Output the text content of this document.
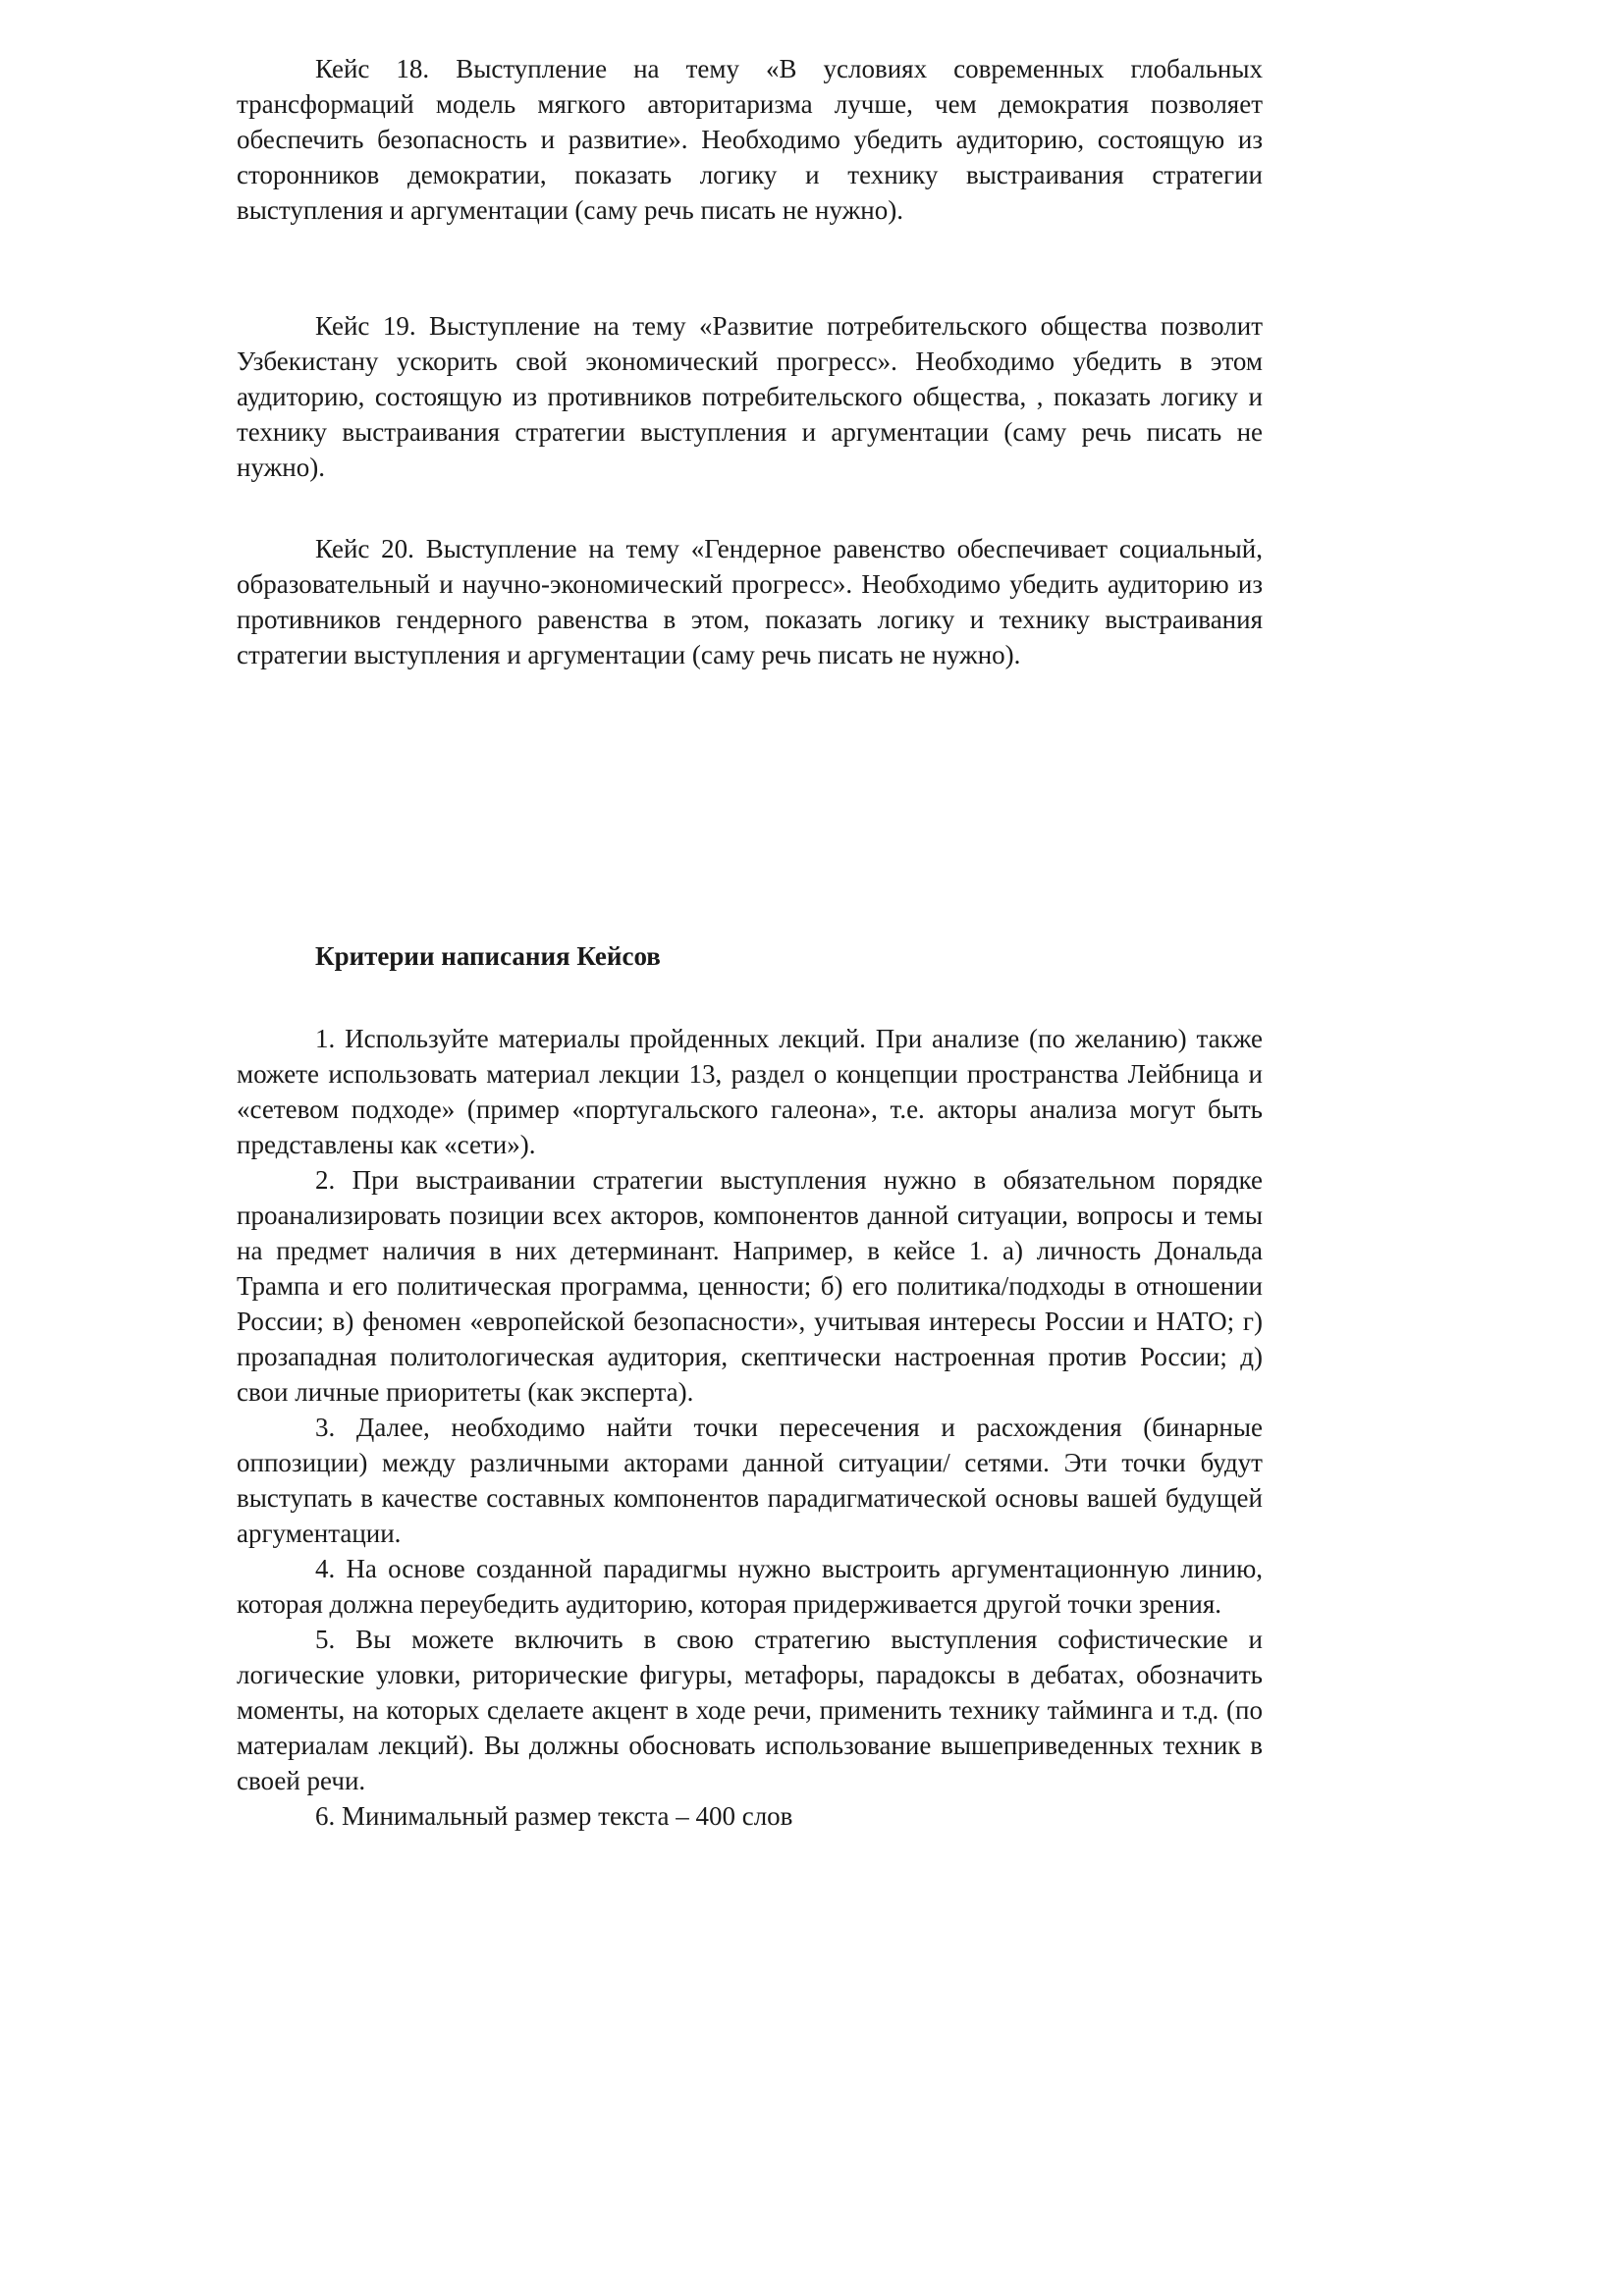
Кейс 18. Выступление на тему «В условиях современных глобальных трансформаций модель мягкого авторитаризма лучше, чем демократия позволяет обеспечить безопасность и развитие». Необходимо убедить аудиторию, состоящую из сторонников демократии, показать логику и технику выстраивания стратегии выступления и аргументации (саму речь писать не нужно).

Кейс 19. Выступление на тему «Развитие потребительского общества позволит Узбекистану ускорить свой экономический прогресс». Необходимо убедить в этом аудиторию, состоящую из противников потребительского общества, , показать логику и технику выстраивания стратегии выступления и аргументации (саму речь писать не нужно).

Кейс 20. Выступление на тему «Гендерное равенство обеспечивает социальный, образовательный и научно-экономический прогресс». Необходимо убедить аудиторию из противников гендерного равенства в этом, показать логику и технику выстраивания стратегии выступления и аргументации (саму речь писать не нужно).

Критерии написания Кейсов

1. Используйте материалы пройденных лекций. При анализе (по желанию) также можете использовать материал лекции 13, раздел о концепции пространства Лейбница и «сетевом подходе» (пример «португальского галеона», т.е. акторы анализа могут быть представлены как «сети»).

2. При выстраивании стратегии выступления нужно в обязательном порядке проанализировать позиции всех акторов, компонентов данной ситуации, вопросы и темы на предмет наличия в них детерминант. Например, в кейсе 1. а) личность Дональда Трампа и его политическая программа, ценности; б) его политика/подходы в отношении России; в) феномен «европейской безопасности», учитывая интересы России и НАТО; г) прозападная политологическая аудитория, скептически настроенная против России; д) свои личные приоритеты (как эксперта).

3. Далее, необходимо найти точки пересечения и расхождения (бинарные оппозиции) между различными акторами данной ситуации/ сетями. Эти точки будут выступать в качестве составных компонентов парадигматической основы вашей будущей аргументации.

4. На основе созданной парадигмы нужно выстроить аргументационную линию, которая должна переубедить аудиторию, которая придерживается другой точки зрения.

5. Вы можете включить в свою стратегию выступления софистические и логические уловки, риторические фигуры, метафоры, парадоксы в дебатах, обозначить моменты, на которых сделаете акцент в ходе речи, применить технику тайминга и т.д. (по материалам лекций). Вы должны обосновать использование вышеприведенных техник в своей речи.

6. Минимальный размер текста – 400 слов
